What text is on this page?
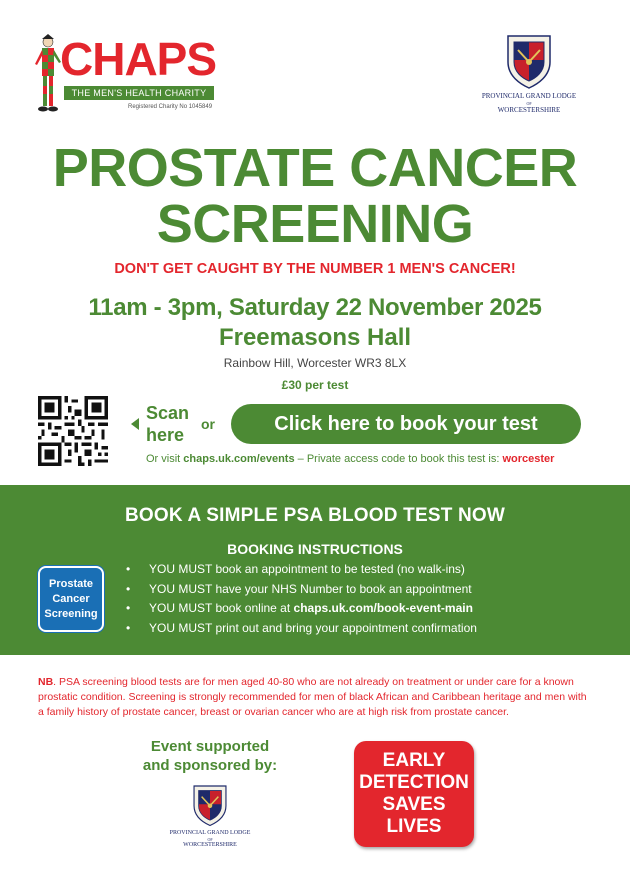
CHAPS
THE MEN'S HEALTH CHARITY
Registered Charity No 1045849
PROVINCIAL GRAND LODGE
OF
WORCESTERSHIRE
PROSTATE CANCER
SCREENING
DON'T GET CAUGHT BY THE NUMBER 1 MEN'S CANCER!
11am - 3pm, Saturday 22 November 2025
Freemasons Hall
Rainbow Hill, Worcester WR3 8LX
£30 per test
Scan
here
or	Click here to book your test
Or visit chaps.uk.com/events – Private access code to book this test is: worcester
BOOK A SIMPLE PSA BLOOD TEST NOW
BOOKING INSTRUCTIONS
Prostate Cancer Screening
• YOU MUST book an appointment to be tested (no walk-ins)
• YOU MUST have your NHS Number to book an appointment
• YOU MUST book online at chaps.uk.com/book-event-main
• YOU MUST print out and bring your appointment confirmation

NB. PSA screening blood tests are for men aged 40-80 who are not already on treatment or under care for a known prostatic condition. Screening is strongly recommended for men of black African and Caribbean heritage and men with a family history of prostate cancer, breast or ovarian cancer who are at high risk from prostate cancer.

Event supported
and sponsored by:
PROVINCIAL GRAND LODGE
OF
WORCESTERSHIRE
EARLY
DETECTION
SAVES
LIVES
